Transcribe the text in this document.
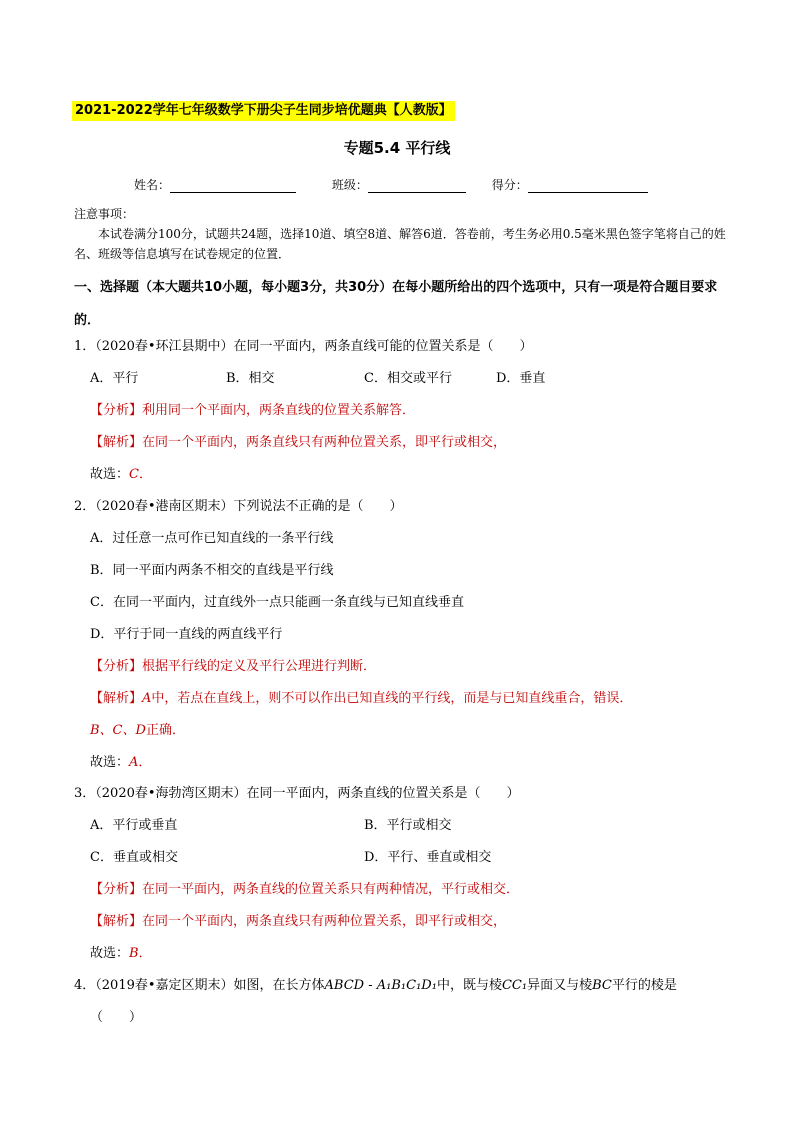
2021-2022学年七年级数学下册尖子生同步培优题典【人教版】
专题5.4 平行线
姓名：	班级：	得分：
注意事项：
本试卷满分100分，试题共24题，选择10道、填空8道、解答6道．答卷前，考生务必用0.5毫米黑色签字笔将自己的姓名、班级等信息填写在试卷规定的位置．
一、选择题（本大题共10小题，每小题3分，共30分）在每小题所给出的四个选项中，只有一项是符合题目要求的．
1．（2020春•环江县期中）在同一平面内，两条直线可能的位置关系是（　　）
A．平行	B．相交	C．相交或平行	D．垂直
【分析】利用同一个平面内，两条直线的位置关系解答．
【解析】在同一个平面内，两条直线只有两种位置关系，即平行或相交，
故选：C．
2．（2020春•港南区期末）下列说法不正确的是（　　）
A．过任意一点可作已知直线的一条平行线
B．同一平面内两条不相交的直线是平行线
C．在同一平面内，过直线外一点只能画一条直线与已知直线垂直
D．平行于同一直线的两直线平行
【分析】根据平行线的定义及平行公理进行判断．
【解析】A中，若点在直线上，则不可以作出已知直线的平行线，而是与已知直线重合，错误．
B、C、D正确．
故选：A．
3．（2020春•海勃湾区期末）在同一平面内，两条直线的位置关系是（　　）
A．平行或垂直	B．平行或相交
C．垂直或相交	D．平行、垂直或相交
【分析】在同一平面内，两条直线的位置关系只有两种情况，平行或相交．
【解析】在同一个平面内，两条直线只有两种位置关系，即平行或相交，
故选：B．
4．（2019春•嘉定区期末）如图，在长方体ABCD - A₁B₁C₁D₁中，既与棱CC₁异面又与棱BC平行的棱是
（　　）
